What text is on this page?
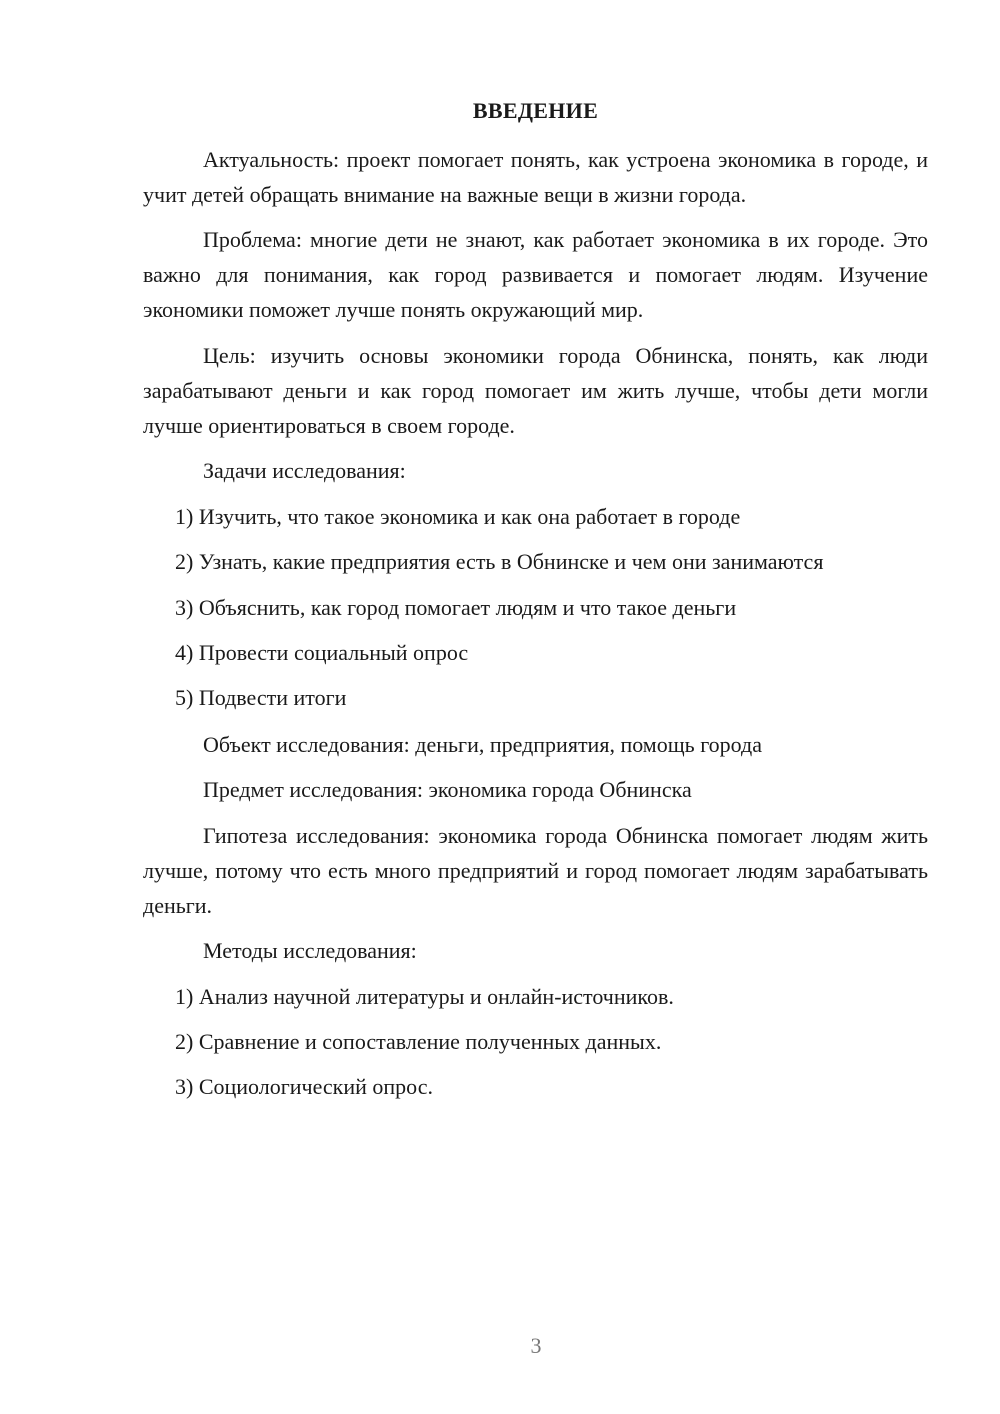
ВВЕДЕНИЕ

Актуальность: проект помогает понять, как устроена экономика в городе, и учит детей обращать внимание на важные вещи в жизни города.

Проблема: многие дети не знают, как работает экономика в их городе. Это важно для понимания, как город развивается и помогает людям. Изучение экономики поможет лучше понять окружающий мир.

Цель: изучить основы экономики города Обнинска, понять, как люди зарабатывают деньги и как город помогает им жить лучше, чтобы дети могли лучше ориентироваться в своем городе.

Задачи исследования:

1) Изучить, что такое экономика и как она работает в городе

2) Узнать, какие предприятия есть в Обнинске и чем они занимаются

3) Объяснить, как город помогает людям и что такое деньги

4) Провести социальный опрос

5) Подвести итоги

Объект исследования: деньги, предприятия, помощь города

Предмет исследования: экономика города Обнинска

Гипотеза исследования: экономика города Обнинска помогает людям жить лучше, потому что есть много предприятий и город помогает людям зарабатывать деньги.

Методы исследования:

1) Анализ научной литературы и онлайн-источников.

2) Сравнение и сопоставление полученных данных.

3) Социологический опрос.

3
